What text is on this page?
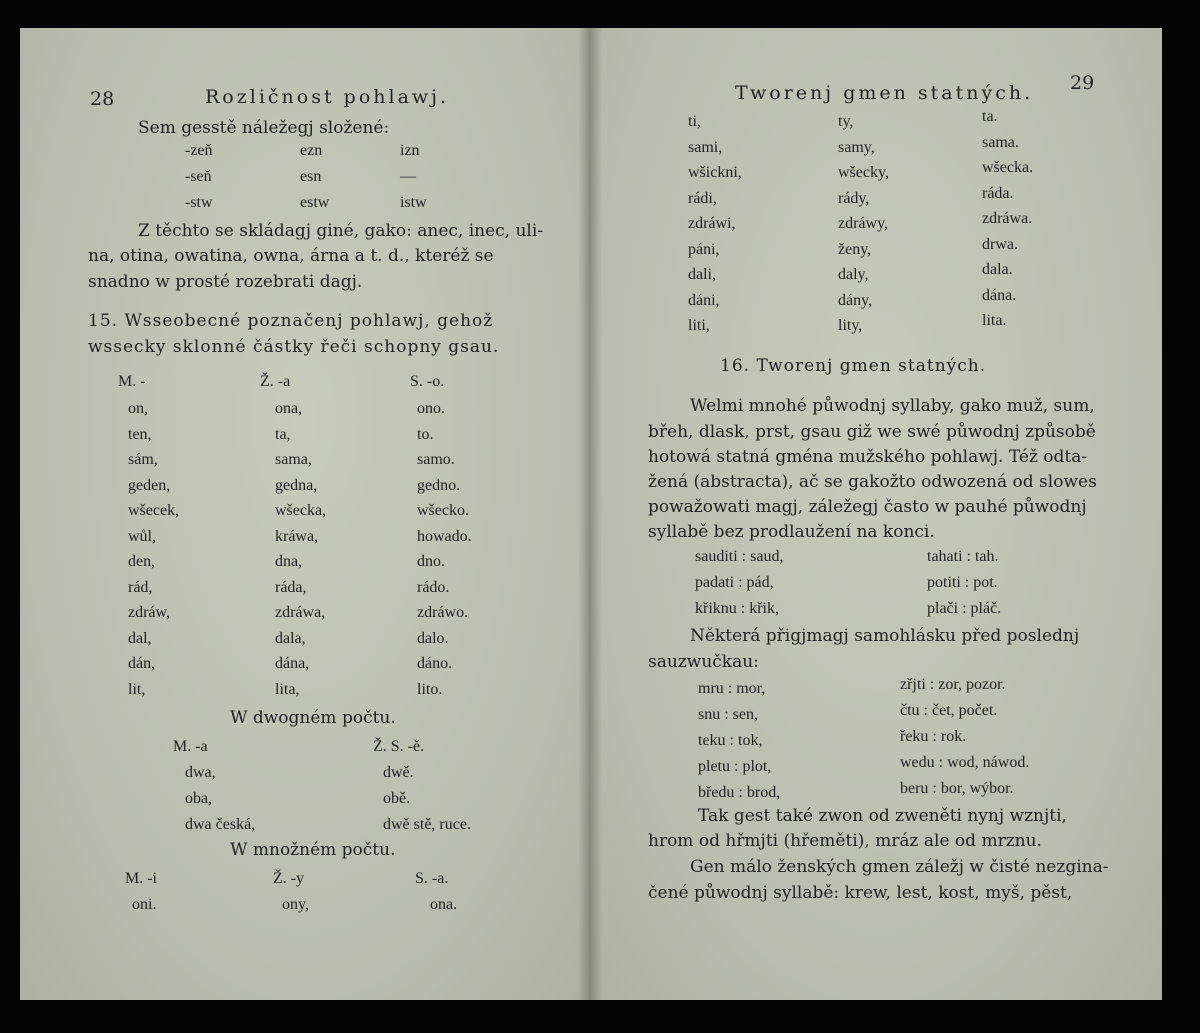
28	Rozličnost pohlawj.
Sem gesstě náležegj složené:
-zeň	ezn	izn
-seň	esn	—
-stw	estw	istw
Z těchto se skládagj giné, gako: anec, inec, uli-
na, otina, owatina, owna, árna a t. d., kteréž se
snadno w prosté rozebrati dagj.
15. Wsseobecné poznačenj pohlawj, gehož
wssecky sklonné částky řeči schopny gsau.
M. -	Ž. -a	S. -o.
on,	ona,	ono.
ten,	ta,	to.
sám,	sama,	samo.
geden,	gedna,	gedno.
wšecek,	wšecka,	wšecko.
wůl,	kráwa,	howado.
den,	dna,	dno.
rád,	ráda,	rádo.
zdráw,	zdráwa,	zdráwo.
dal,	dala,	dalo.
dán,	dána,	dáno.
lit,	lita,	lito.
W dwogném počtu.
M. -a	Ž. S. -ě.
dwa,	dwě.
oba,	obě.
dwa česká,	dwě stě, ruce.
W množném počtu.
M. -i	Ž. -y	S. -a.
oni.	ony,	ona.
Tworenj gmen statných. 29
ti,	ty,	ta.
sami,	samy,	sama.
wšickni,	wšecky,	wšecka.
rádi,	rády,	ráda.
zdráwi,	zdráwy,	zdráwa.
páni,	ženy,	drwa.
dali,	daly,	dala.
dáni,	dány,	dána.
liti,	lity,	lita.
16. Tworenj gmen statných.
Welmi mnohé půwodnj syllaby, gako muž, sum,
břeh, dlask, prst, gsau giž we swé půwodnj způsobě
hotowá statná gména mužského pohlawj. Též odta-
žená (abstracta), ač se gakožto odwozená od slowes
powažowati magj, záležegj často w pauhé půwodnj
syllabě bez prodlaužení na konci.
sauditi : saud,	tahati : tah.
padati : pád,	potiti : pot.
křiknu : křik,	plači : pláč.
Některá přigjmagj samohlásku před poslednj
sauzwučkau:
mru : mor,	zřjti : zor, pozor.
snu : sen,	čtu : čet, počet.
teku : tok,	řeku : rok.
pletu : plot,	wedu : wod, náwod.
bředu : brod,	beru : bor, wýbor.
Tak gest také zwon od zweněti nynj wznjti,
hrom od hřmjti (hřeměti), mráz ale od mrznu.
Gen málo ženských gmen záležj w čisté nezgina-
čené půwodnj syllabě: krew, lest, kost, myš, pěst,
